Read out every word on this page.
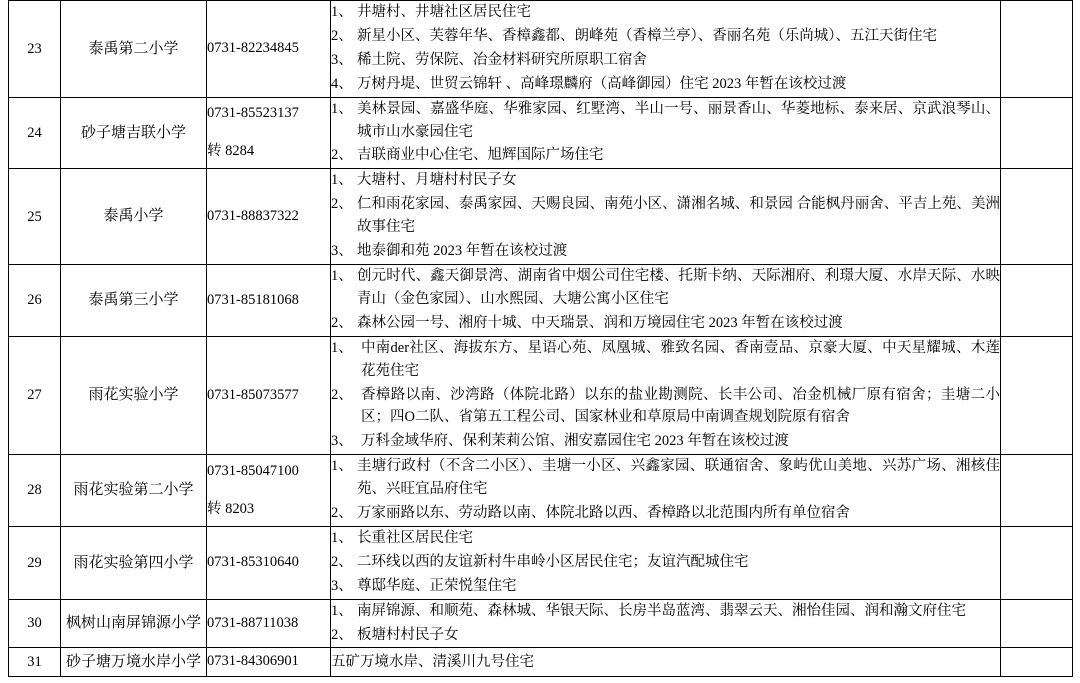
23	泰禹第二小学	0731-82234845	
1、 井塘村、井塘社区居民住宅
2、 新星小区、芙蓉年华、香樟鑫都、朗峰苑（香樟兰亭）、香丽名苑（乐尚城）、五江天街住宅
3、 稀土院、劳保院、冶金材料研究所原职工宿舍
4、 万树丹堤、世贸云锦轩 、高峰璟麟府（高峰御园）住宅 2023 年暂在该校过渡

24	砂子塘吉联小学	0731-85523137
转 8284

1、 美林景园、嘉盛华庭、华雅家园、红墅湾、半山一号、丽景香山、华菱地标、泰来居、京武浪琴山、城市山水豪园住宅
2、 吉联商业中心住宅、旭辉国际广场住宅

25	泰禹小学	0731-88837322	
1、 大塘村、月塘村村民子女
2、 仁和雨花家园、泰禹家园、天赐良园、南苑小区、潇湘名城、和景园 合能枫丹丽舍、平吉上苑、美洲故事住宅
3、 地泰御和苑 2023 年暂在该校过渡

26	泰禹第三小学	0731-85181068	
1、 创元时代、鑫天御景湾、湖南省中烟公司住宅楼、托斯卡纳、天际湘府、利璟大厦、水岸天际、水映青山（金色家园）、山水熙园、大塘公寓小区住宅
2、 森林公园一号、湘府十城、中天瑞景、润和万境园住宅 2023 年暂在该校过渡

27	雨花实验小学	0731-85073577	
1、 中南der社区、海拔东方、星语心苑、凤凰城、雅致名园、香南壹品、京豪大厦、中天星耀城、木莲花苑住宅
2、 香樟路以南、沙湾路（体院北路）以东的盐业勘测院、长丰公司、冶金机械厂原有宿舍；圭塘二小区；四O二队、省第五工程公司、国家林业和草原局中南调查规划院原有宿舍
3、 万科金域华府、保利茉莉公馆、湘安嘉园住宅 2023 年暂在该校过渡

28	雨花实验第二小学	0731-85047100
转 8203

1、 圭塘行政村（不含二小区）、圭塘一小区、兴鑫家园、联通宿舍、象屿优山美地、兴苏广场、湘核佳苑、兴旺宜品府住宅
2、 万家丽路以东、劳动路以南、体院北路以西、香樟路以北范围内所有单位宿舍

29	雨花实验第四小学	0731-85310640	
1、 长重社区居民住宅
2、 二环线以西的友谊新村牛串岭小区居民住宅；友谊汽配城住宅
3、 尊邸华庭、正荣悦玺住宅

30	枫树山南屏锦源小学	0731-88711038	
1、 南屏锦源、和顺苑、森林城、华银天际、长房半岛蓝湾、翡翠云天、湘怡佳园、润和瀚文府住宅
2、 板塘村村民子女

31	砂子塘万境水岸小学	0731-84306901	五矿万境水岸、清溪川九号住宅	
